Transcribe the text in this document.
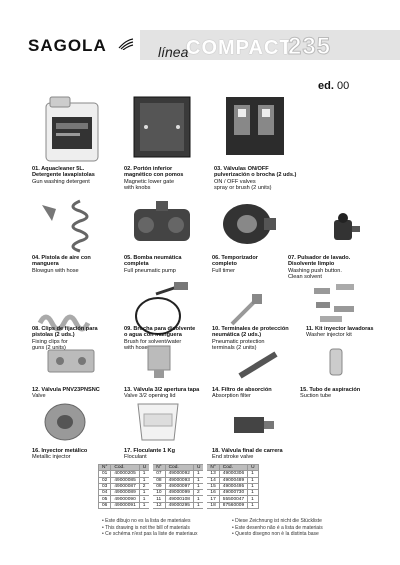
SAGOLA	línea
COMPACT
235
ed. 00
01. Aquacleaner 5L.
Detergente lavapistolas
Gun washing detergent
02. Portón inferior
magnético con pomos
Magnetic lower gate
with knobs
03. Válvulas ON/OFF
pulverización o brocha (2 uds.)
ON / OFF valves
spray or brush (2 units)
04. Pistola de aire con
manguera
Blowgun with hose
05. Bomba neumática
completa
Full pneumatic pump
06. Temporizador
completo
Full timer
07. Pulsador de lavado.
Disolvente limpio
Washing push button.
Clean solvent
08. Clips de fijación para
pistolas (2 uds.)
Fixing clips for
guns (2 units)
09. Brocha para disolvente
o agua con manguera
Brush for solvent/water
with hose
10. Terminales de protección
neumática (2 uds.)
Pneumatic protection
terminals (2 units)
11. Kit inyector lavadoras
Washer injector kit
12. Válvula PNV23PNSNC
Valve
13. Válvula 3/2 apertura tapa
Valve 3/2 opening lid
14. Filtro de absorción
Absorption filter
15. Tubo de aspiración
Suction tube
16. Inyector metálico
Metallic injector
17. Floculante 1 Kg
Floculant
18. Válvula final de carrera
End stroke valve
N°	Cod.	U	N°	Cod.	U	N°	Cod.	U
01	40000205	1	07	49000092	1	13	49000306	1
02	49000085	1	08	49000093	1	14	49000489	1
03	49000087	2	09	49000097	1	15	49000495	1
04	49000089	1	10	49000099	2	16	49000730	1
05	49000090	1	11	49000108	1	17	55500047	1
06	49000091	1	12	49000295	1	18	87560009	1
• Este dibujo no es la lista de materiales
• This drawing is not the bill of materials
• Ce schéma n'est pas la liste de materiaux
• Diese Zeichnung ist nicht die Stückliste
• Este desenho não é a lista de materiais
• Questo disegno non è la distinta base
